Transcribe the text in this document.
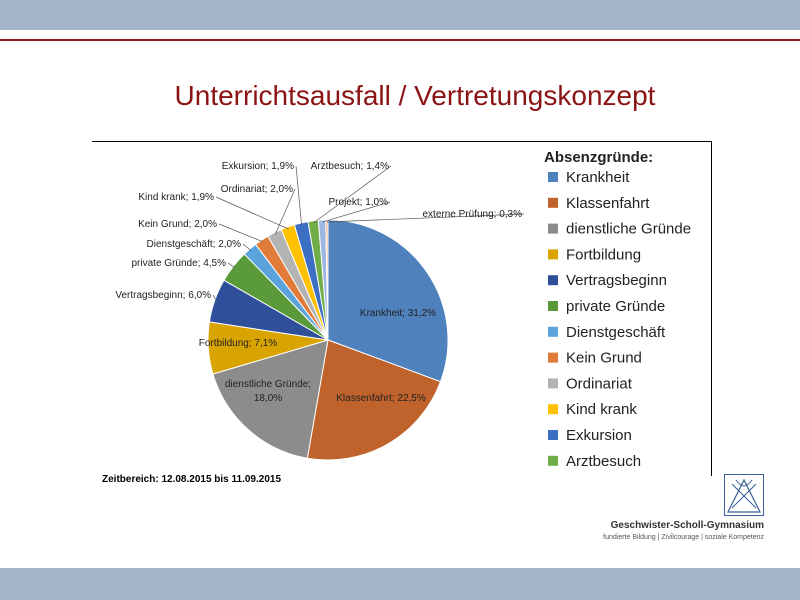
Unterrichtsausfall / Vertretungskonzept
Krankheit; 31,2%
Klassenfahrt; 22,5%
dienstliche Gründe; 18,0%
Fortbildung; 7,1%
Vertragsbeginn; 6,0%
private Gründe; 4,5%
Dienstgeschäft; 2,0%
Kein Grund; 2,0%
Ordinariat; 2,0%
Kind krank; 1,9%
Exkursion; 1,9% Arztbesuch; 1,4%
Projekt; 1,0%
externe Prüfung; 0,3%
Absenzgründe:
Krankheit
Klassenfahrt
dienstliche Gründe
Fortbildung
Vertragsbeginn
private Gründe
Dienstgeschäft
Kein Grund
Ordinariat
Kind krank
Exkursion
Arztbesuch
Zeitbereich: 12.08.2015 bis 11.09.2015
Geschwister-Scholl-Gymnasium
fundierte Bildung | Zivilcourage | soziale Kompetenz
